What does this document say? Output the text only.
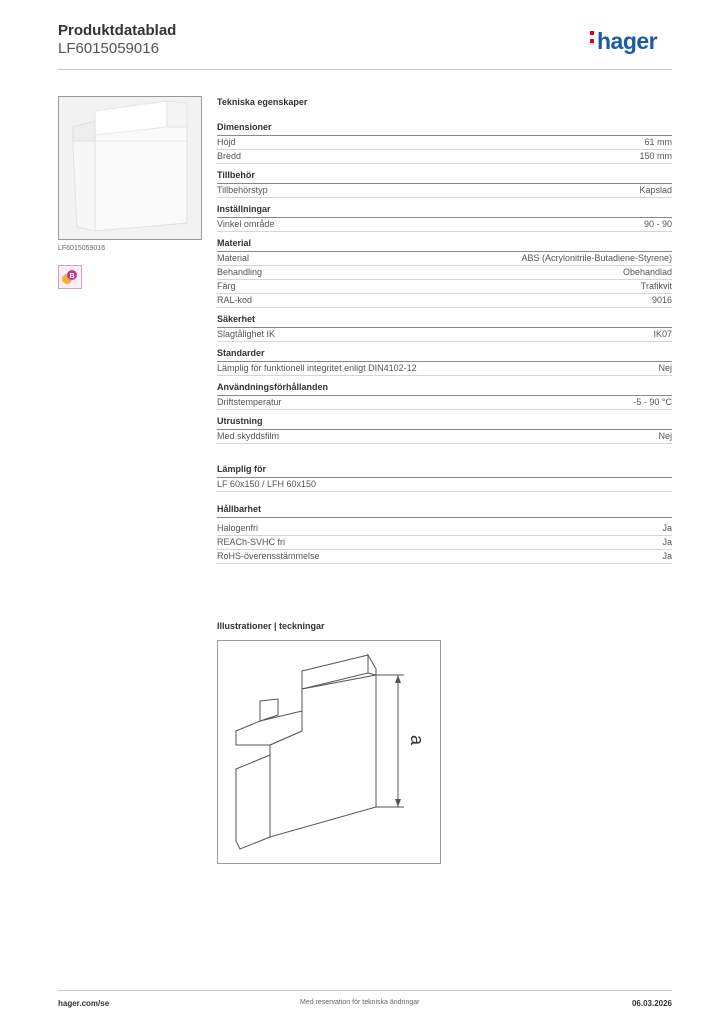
Produktdatablad
LF6015059016	hager
LF6015059016
B
Tekniska egenskaper
Dimensioner
Höjd	61 mm
Bredd	150 mm
Tillbehör
Tillbehörstyp	Kapslad
Inställningar
Vinkel område	90 - 90
Material
Material	ABS (Acrylonitrile-Butadiene-Styrene)
Behandling	Obehandlad
Färg	Trafikvit
RAL-kod	9016
Säkerhet
Slagtålighet IK	IK07
Standarder
Lämplig för funktionell integritet enligt DIN4102-12	Nej
Användningsförhållanden
Driftstemperatur	-5 - 90 °C
Utrustning
Med skyddsfilm	Nej
Lämplig för
LF 60x150 / LFH 60x150
Hållbarhet
Halogenfri	Ja
REACh-SVHC fri	Ja
RoHS-överensstämmelse	Ja
Illustrationer | teckningar
a
hager.com/se	Med reservation för tekniska ändringar	06.03.2026
